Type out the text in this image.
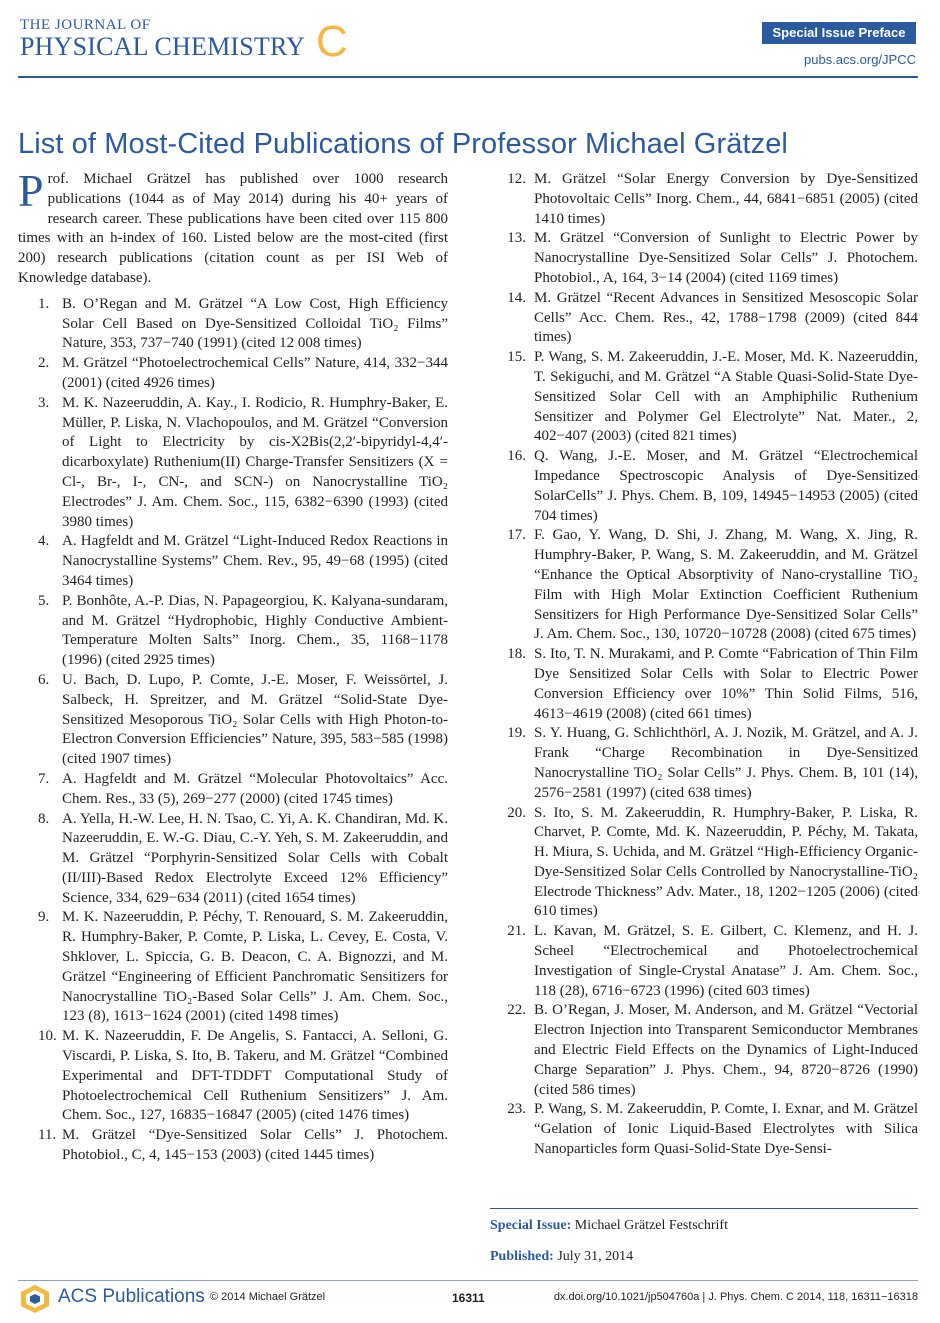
THE JOURNAL OF
PHYSICAL CHEMISTRY C	Special Issue Preface
pubs.acs.org/JPCC
List of Most-Cited Publications of Professor Michael Grätzel

Prof. Michael Grätzel has published over 1000 research publications (1044 as of May 2014) during his 40+ years of research career. These publications have been cited over 115 800 times with an h-index of 160. Listed below are the most-cited (first 200) research publications (citation count as per ISI Web of Knowledge database).

1. B. O’Regan and M. Grätzel “A Low Cost, High Efficiency Solar Cell Based on Dye-Sensitized Colloidal TiO₂ Films” Nature, 353, 737−740 (1991) (cited 12 008 times)
2. M. Grätzel “Photoelectrochemical Cells” Nature, 414, 332−344 (2001) (cited 4926 times)
3. M. K. Nazeeruddin, A. Kay., I. Rodicio, R. Humphry-Baker, E. Müller, P. Liska, N. Vlachopoulos, and M. Grätzel “Conversion of Light to Electricity by cis-X2Bis(2,2′-bipyridyl-4,4′-dicarboxylate) Ruthenium(II) Charge-Transfer Sensitizers (X = Cl-, Br-, I-, CN-, and SCN-) on Nanocrystalline TiO₂ Electrodes” J. Am. Chem. Soc., 115, 6382−6390 (1993) (cited 3980 times)
4. A. Hagfeldt and M. Grätzel “Light-Induced Redox Reactions in Nanocrystalline Systems” Chem. Rev., 95, 49−68 (1995) (cited 3464 times)
5. P. Bonhôte, A.-P. Dias, N. Papageorgiou, K. Kalyana-sundaram, and M. Grätzel “Hydrophobic, Highly Conductive Ambient-Temperature Molten Salts” Inorg. Chem., 35, 1168−1178 (1996) (cited 2925 times)
6. U. Bach, D. Lupo, P. Comte, J.-E. Moser, F. Weissörtel, J. Salbeck, H. Spreitzer, and M. Grätzel “Solid-State Dye-Sensitized Mesoporous TiO₂ Solar Cells with High Photon-to- Electron Conversion Efficiencies” Nature, 395, 583−585 (1998) (cited 1907 times)
7. A. Hagfeldt and M. Grätzel “Molecular Photovoltaics” Acc. Chem. Res., 33 (5), 269−277 (2000) (cited 1745 times)
8. A. Yella, H.-W. Lee, H. N. Tsao, C. Yi, A. K. Chandiran, Md. K. Nazeeruddin, E. W.-G. Diau, C.-Y. Yeh, S. M. Zakeeruddin, and M. Grätzel “Porphyrin-Sensitized Solar Cells with Cobalt (II/III)-Based Redox Electrolyte Exceed 12% Efficiency” Science, 334, 629−634 (2011) (cited 1654 times)
9. M. K. Nazeeruddin, P. Péchy, T. Renouard, S. M. Zakeeruddin, R. Humphry-Baker, P. Comte, P. Liska, L. Cevey, E. Costa, V. Shklover, L. Spiccia, G. B. Deacon, C. A. Bignozzi, and M. Grätzel “Engineering of Efficient Panchromatic Sensitizers for Nanocrystalline TiO₂-Based Solar Cells” J. Am. Chem. Soc., 123 (8), 1613−1624 (2001) (cited 1498 times)
10. M. K. Nazeeruddin, F. De Angelis, S. Fantacci, A. Selloni, G. Viscardi, P. Liska, S. Ito, B. Takeru, and M. Grätzel “Combined Experimental and DFT-TDDFT Computational Study of Photoelectrochemical Cell Ruthenium Sensitizers” J. Am. Chem. Soc., 127, 16835−16847 (2005) (cited 1476 times)
11. M. Grätzel “Dye-Sensitized Solar Cells” J. Photochem. Photobiol., C, 4, 145−153 (2003) (cited 1445 times)
12. M. Grätzel “Solar Energy Conversion by Dye-Sensitized Photovoltaic Cells” Inorg. Chem., 44, 6841−6851 (2005) (cited 1410 times)
13. M. Grätzel “Conversion of Sunlight to Electric Power by Nanocrystalline Dye-Sensitized Solar Cells” J. Photochem. Photobiol., A, 164, 3−14 (2004) (cited 1169 times)
14. M. Grätzel “Recent Advances in Sensitized Mesoscopic Solar Cells” Acc. Chem. Res., 42, 1788−1798 (2009) (cited 844 times)
15. P. Wang, S. M. Zakeeruddin, J.-E. Moser, Md. K. Nazeeruddin, T. Sekiguchi, and M. Grätzel “A Stable Quasi-Solid-State Dye-Sensitized Solar Cell with an Amphiphilic Ruthenium Sensitizer and Polymer Gel Electrolyte” Nat. Mater., 2, 402−407 (2003) (cited 821 times)
16. Q. Wang, J.-E. Moser, and M. Grätzel “Electrochemical Impedance Spectroscopic Analysis of Dye-Sensitized SolarCells” J. Phys. Chem. B, 109, 14945−14953 (2005) (cited 704 times)
17. F. Gao, Y. Wang, D. Shi, J. Zhang, M. Wang, X. Jing, R. Humphry-Baker, P. Wang, S. M. Zakeeruddin, and M. Grätzel “Enhance the Optical Absorptivity of Nano-crystalline TiO₂ Film with High Molar Extinction Coefficient Ruthenium Sensitizers for High Performance Dye-Sensitized Solar Cells” J. Am. Chem. Soc., 130, 10720−10728 (2008) (cited 675 times)
18. S. Ito, T. N. Murakami, and P. Comte “Fabrication of Thin Film Dye Sensitized Solar Cells with Solar to Electric Power Conversion Efficiency over 10%” Thin Solid Films, 516, 4613−4619 (2008) (cited 661 times)
19. S. Y. Huang, G. Schlichthörl, A. J. Nozik, M. Grätzel, and A. J. Frank “Charge Recombination in Dye-Sensitized Nanocrystalline TiO₂ Solar Cells” J. Phys. Chem. B, 101 (14), 2576−2581 (1997) (cited 638 times)
20. S. Ito, S. M. Zakeeruddin, R. Humphry-Baker, P. Liska, R. Charvet, P. Comte, Md. K. Nazeeruddin, P. Péchy, M. Takata, H. Miura, S. Uchida, and M. Grätzel “High-Efficiency Organic-Dye-Sensitized Solar Cells Controlled by Nanocrystalline-TiO₂ Electrode Thickness” Adv. Mater., 18, 1202−1205 (2006) (cited 610 times)
21. L. Kavan, M. Grätzel, S. E. Gilbert, C. Klemenz, and H. J. Scheel “Electrochemical and Photoelectrochemical Investigation of Single-Crystal Anatase” J. Am. Chem. Soc., 118 (28), 6716−6723 (1996) (cited 603 times)
22. B. O’Regan, J. Moser, M. Anderson, and M. Grätzel “Vectorial Electron Injection into Transparent Semiconductor Membranes and Electric Field Effects on the Dynamics of Light-Induced Charge Separation” J. Phys. Chem., 94, 8720−8726 (1990) (cited 586 times)
23. P. Wang, S. M. Zakeeruddin, P. Comte, I. Exnar, and M. Grätzel “Gelation of Ionic Liquid-Based Electrolytes with Silica Nanoparticles form Quasi-Solid-State Dye-Sensi-
Special Issue: Michael Grätzel Festschrift
Published: July 31, 2014
ACS Publications © 2014 Michael Grätzel	16311	dx.doi.org/10.1021/jp504760a | J. Phys. Chem. C 2014, 118, 16311−16318
